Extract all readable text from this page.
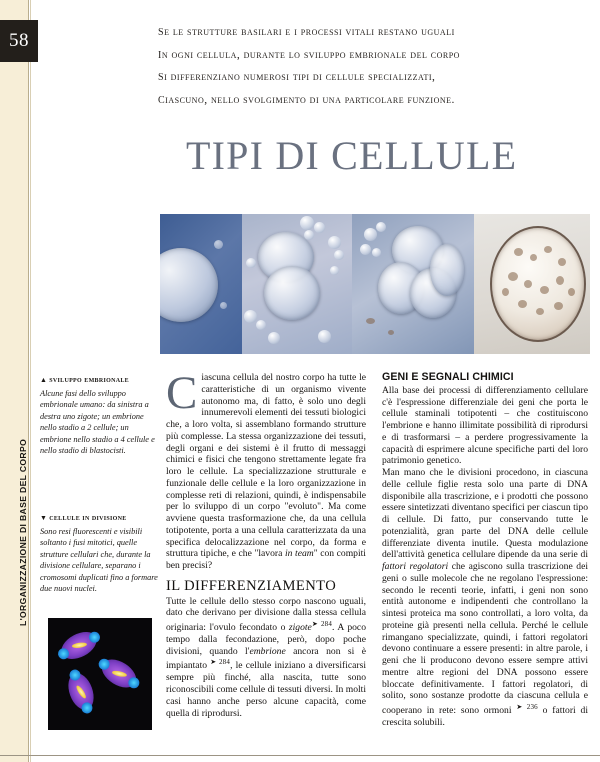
58
L'ORGANIZZAZIONE DI BASE DEL CORPO
se le strutture basilari e i processi vitali restano uguali
in ogni cellula, durante lo sviluppo embrionale del corpo
si differenziano numerosi tipi di cellule specializzati,
ciascuno, nello svolgimento di una particolare funzione.
TIPI DI CELLULE

▲ sviluppo embrionale

Alcune fasi dello sviluppo embrionale umano: da sinistra a destra uno zigote; un embrione nello stadio a 2 cellule; un embrione nello stadio a 4 cellule e nello stadio di blastocisti.

▼ cellule in divisione

Sono resi fluorescenti e visibili soltanto i fusi mitotici, quelle strutture cellulari che, durante la divisione cellulare, separano i cromosomi duplicati fino a formare due nuovi nuclei.

Ciascuna cellula del nostro corpo ha tutte le caratteristiche di un organismo vivente autonomo ma, di fatto, è solo uno degli innumerevoli elementi dei tessuti biologici che, a loro volta, si assemblano formando strutture più complesse. La stessa organizzazione dei tessuti, degli organi e dei sistemi è il frutto di messaggi chimici e fisici che tengono strettamente legate fra loro le cellule. La specializzazione strutturale e funzionale delle cellule e la loro organizzazione in complesse reti di relazioni, quindi, è indispensabile per lo sviluppo di un corpo "evoluto". Ma come avviene questa trasformazione che, da una cellula totipotente, porta a una cellula caratterizzata da una specifica delocalizzazione nel corpo, da forma e struttura tipiche, e che "lavora in team" con compiti ben precisi?

IL DIFFERENZIAMENTO

Tutte le cellule dello stesso corpo nascono uguali, dato che derivano per divisione dalla stessa cellula originaria: l'ovulo fecondato o zigote$^{➤ 284}$. A poco tempo dalla fecondazione, però, dopo poche divisioni, quando l'embrione ancora non si è impiantato $^{➤ 284}$, le cellule iniziano a diversificarsi sempre più finché, alla nascita, tutte sono riconoscibili come cellule di tessuti diversi. In molti casi hanno anche perso alcune capacità, come quella di riprodursi.

GENI E SEGNALI CHIMICI

Alla base dei processi di differenziamento cellulare c'è l'espressione differenziale dei geni che porta le cellule staminali totipotenti – che costituiscono l'embrione e hanno illimitate possibilità di riprodursi e di trasformarsi – a perdere progressivamente la capacità di esprimere alcune specifiche parti del loro patrimonio genetico.

Man mano che le divisioni procedono, in ciascuna delle cellule figlie resta solo una parte di DNA disponibile alla trascrizione, e i prodotti che possono essere sintetizzati diventano specifici per ciascun tipo di cellule. Di fatto, pur conservando tutte le potenzialità, gran parte del DNA delle cellule differenziate diventa inutile. Questa modulazione dell'attività genetica cellulare dipende da una serie di fattori regolatori che agiscono sulla trascrizione dei geni o sulle molecole che ne regolano l'espressione: secondo le recenti teorie, infatti, i geni non sono entità autonome e indipendenti che controllano la sintesi proteica ma sono controllati, a loro volta, da proteine già presenti nella cellula. Perché le cellule rimangano specializzate, quindi, i fattori regolatori devono continuare a essere presenti: in altre parole, i geni che li producono devono essere sempre attivi mentre altre regioni del DNA possono essere bloccate definitivamente. I fattori regolatori, di solito, sono sostanze prodotte da ciascuna cellula e cooperano in rete: sono ormoni $^{➤ 236}$ o fattori di crescita solubili.
